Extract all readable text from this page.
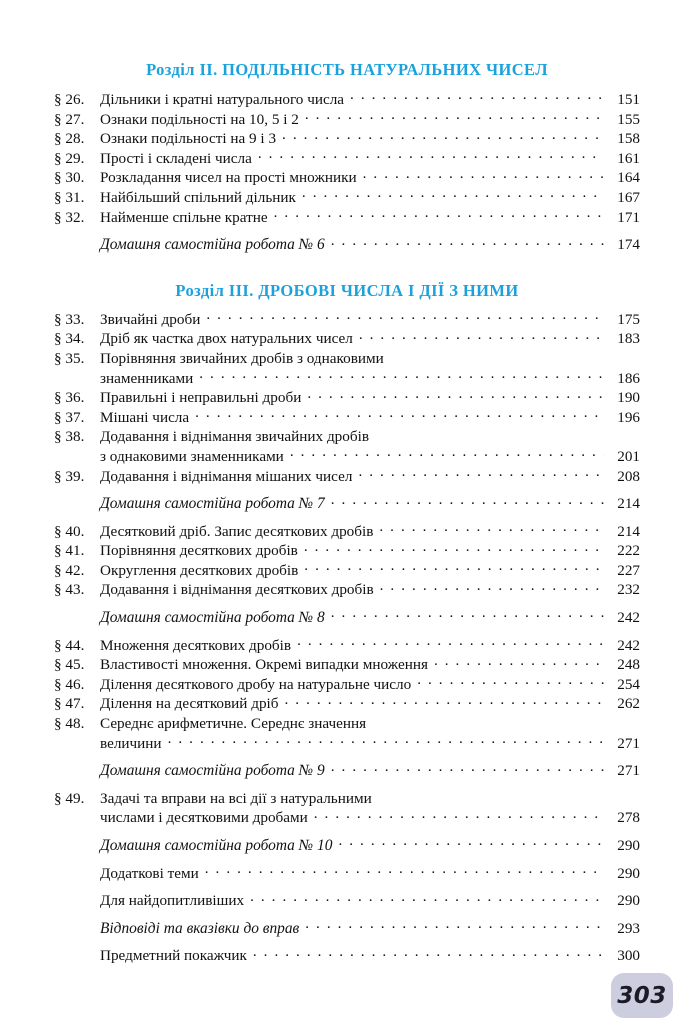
Розділ II. ПОДІЛЬНІСТЬ НАТУРАЛЬНИХ ЧИСЕЛ
§ 26.	Дільники і кратні натурального числа . . .	151
§ 27.	Ознаки подільності на 10, 5 і 2 . . .	155
§ 28.	Ознаки подільності на 9 і 3 . . .	158
§ 29.	Прості і складені числа . . .	161
§ 30.	Розкладання чисел на прості множники . . .	164
§ 31.	Найбільший спільний дільник . . .	167
§ 32.	Найменше спільне кратне . . .	171
Домашня самостійна робота № 6 . . .	174
Розділ III. ДРОБОВІ ЧИСЛА І ДІЇ З НИМИ
§ 33.	Звичайні дроби . . .	175
§ 34.	Дріб як частка двох натуральних чисел . . .	183
§ 35.	Порівняння звичайних дробів з однаковими
знаменниками . . .	186
§ 36.	Правильні і неправильні дроби . . .	190
§ 37.	Мішані числа . . .	196
§ 38.	Додавання і віднімання звичайних дробів
з однаковими знаменниками . . .	201
§ 39.	Додавання і віднімання мішаних чисел . . .	208
Домашня самостійна робота № 7 . . .	214
§ 40.	Десятковий дріб. Запис десяткових дробів . . .	214
§ 41.	Порівняння десяткових дробів . . .	222
§ 42.	Округлення десяткових дробів . . .	227
§ 43.	Додавання і віднімання десяткових дробів . . .	232
Домашня самостійна робота № 8 . . .	242
§ 44.	Множення десяткових дробів . . .	242
§ 45.	Властивості множення. Окремі випадки множення . . .	248
§ 46.	Ділення десяткового дробу на натуральне число . . .	254
§ 47.	Ділення на десятковий дріб . . .	262
§ 48.	Середнє арифметичне. Середнє значення
величини . . .	271
Домашня самостійна робота № 9 . . .	271
§ 49.	Задачі та вправи на всі дії з натуральними
числами і десятковими дробами . . .	278
Домашня самостійна робота № 10 . . .	290
Додаткові теми . . .	290
Для найдопитливіших . . .	290
Відповіді та вказівки до вправ . . .	293
Предметний покажчик . . .	300
303
